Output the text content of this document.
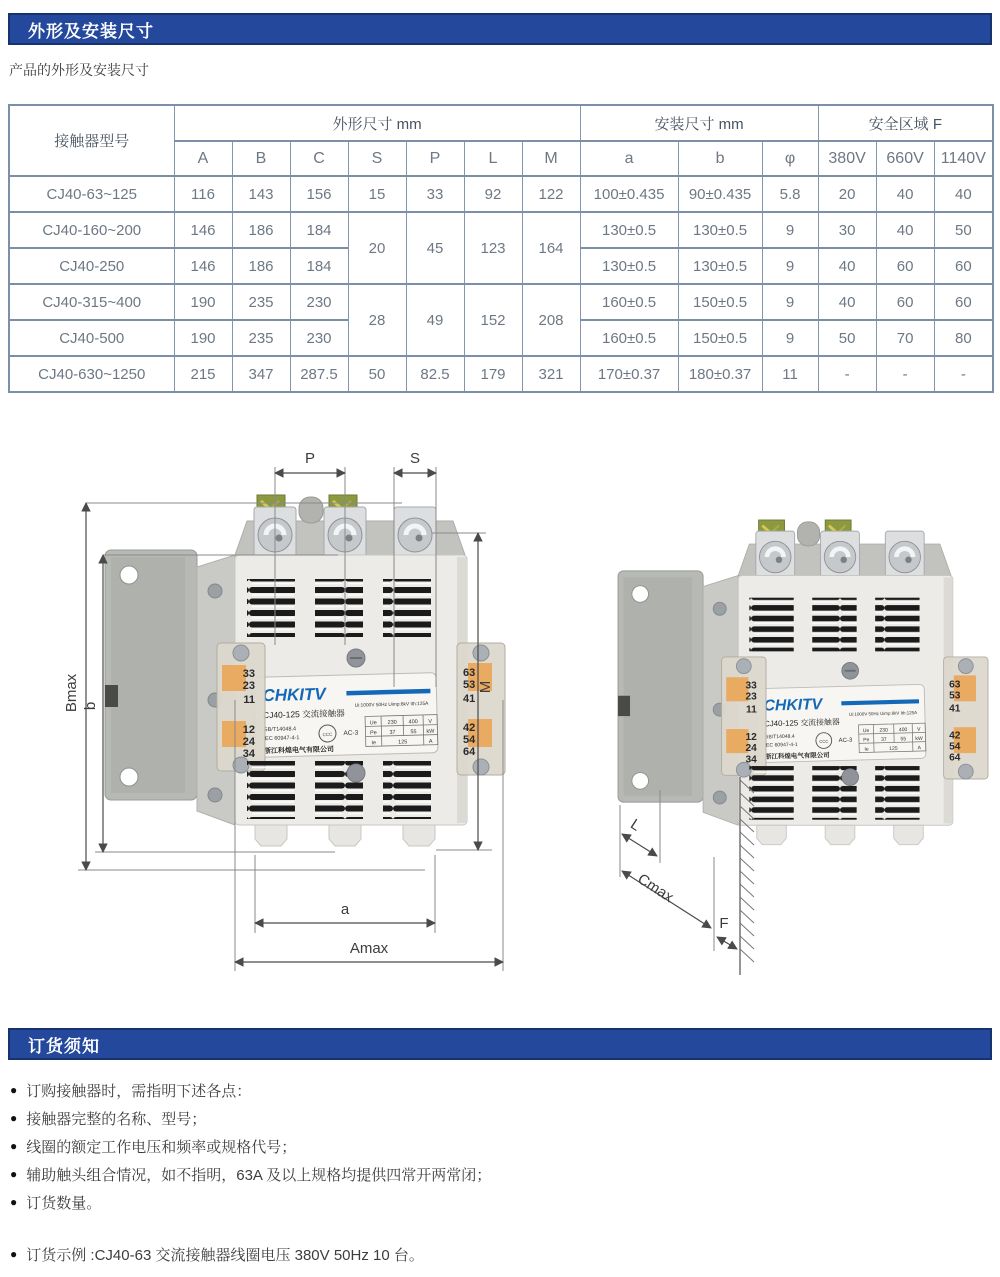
外形及安装尺寸
产品的外形及安装尺寸
接触器型号	外形尺寸 mm							安装尺寸 mm			安全区域 F		
	A	B	C	S	P	L	M	a	b	φ	380V	660V	1140V
CJ40-63~125	116	143	156	15	33	92	122	100±0.435	90±0.435	5.8	20	40	40
CJ40-160~200	146	186	184	20	45	123	164	130±0.5	130±0.5	9	30	40	50
CJ40-250	146	186	184					130±0.5	130±0.5	9	40	60	60
CJ40-315~400	190	235	230	28	49	152	208	160±0.5	150±0.5	9	40	60	60
CJ40-500	190	235	230					160±0.5	150±0.5	9	50	70	80
CJ40-630~1250	215	347	287.5	50	82.5	179	321	170±0.37	180±0.37	11	-	-	-
P	S
Bmax b
M
a
Amax
L
Cmax
F
订货须知
● 订购接触器时，需指明下述各点：
● 接触器完整的名称、型号；
● 线圈的额定工作电压和频率或规格代号；
● 辅助触头组合情况，如不指明，63A 及以上规格均提供四常开两常闭；
● 订货数量。
● 订货示例 :CJ40-63 交流接触器线圈电压 380V 50Hz 10 台。
